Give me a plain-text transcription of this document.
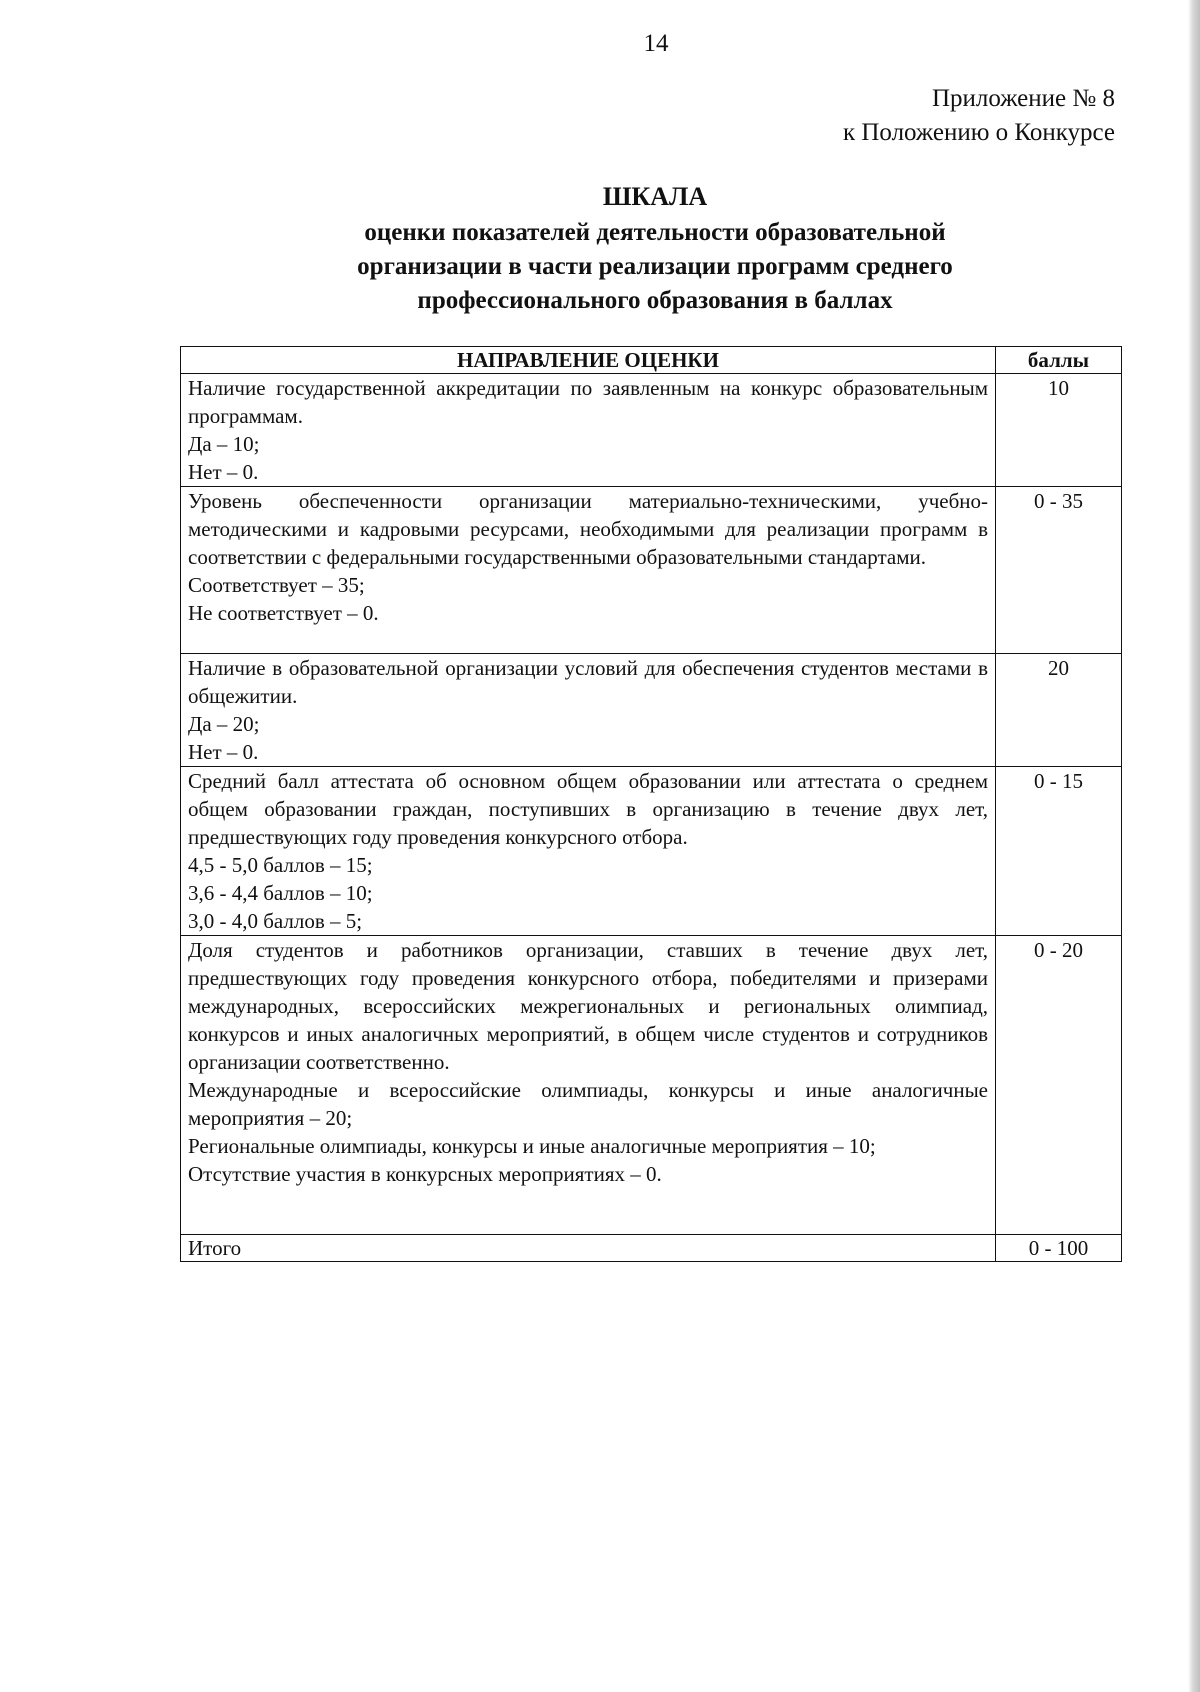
14
Приложение № 8
к Положению о Конкурсе
ШКАЛА
оценки показателей деятельности образовательной
организации в части реализации программ среднего
профессионального образования в баллах
НАПРАВЛЕНИЕ ОЦЕНКИ	баллы

Наличие государственной аккредитации по заявленным на конкурс образовательным программам.
Да – 10;
Нет – 0.	10

Уровень обеспеченности организации материально-техническими, учебно-методическими и кадровыми ресурсами, необходимыми для реализации программ в соответствии с федеральными государственными образовательными стандартами.
Соответствует – 35;
Не соответствует – 0.	0 - 35

Наличие в образовательной организации условий для обеспечения студентов местами в общежитии.
Да – 20;
Нет – 0.	20

Средний балл аттестата об основном общем образовании или аттестата о среднем общем образовании граждан, поступивших в организацию в течение двух лет, предшествующих году проведения конкурсного отбора.
4,5 - 5,0 баллов – 15;
3,6 - 4,4 баллов – 10;
3,0 - 4,0 баллов – 5;	0 - 15

Доля студентов и работников организации, ставших в течение двух лет, предшествующих году проведения конкурсного отбора, победителями и призерами международных, всероссийских межрегиональных и региональных олимпиад, конкурсов и иных аналогичных мероприятий, в общем числе студентов и сотрудников организации соответственно.
Международные и всероссийские олимпиады, конкурсы и иные аналогичные мероприятия – 20;
Региональные олимпиады, конкурсы и иные аналогичные мероприятия – 10;
Отсутствие участия в конкурсных мероприятиях – 0.	0 - 20
Итого	0 - 100
